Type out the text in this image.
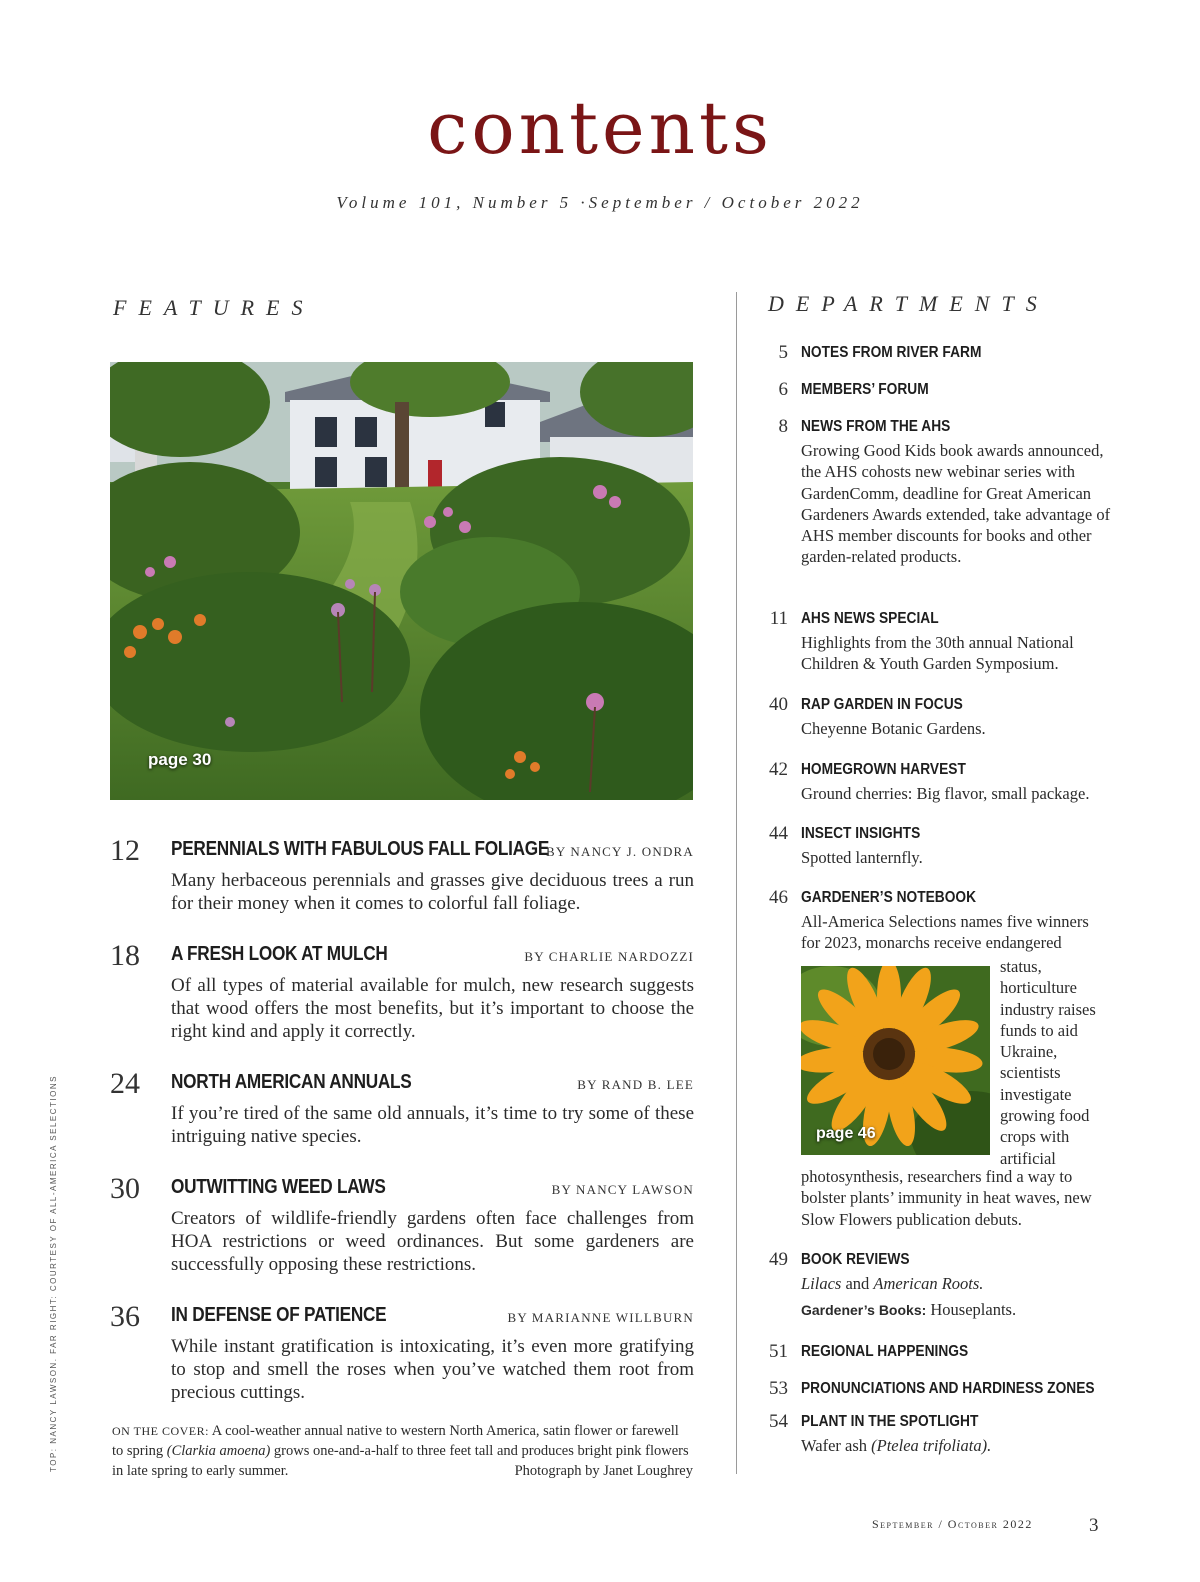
contents
Volume 101, Number 5 ·September / October 2022
FEATURES	DEPARTMENTS
page 30
12 PERENNIALS WITH FABULOUS FALL FOLIAGE
BY NANCY J. ONDRA
Many herbaceous perennials and grasses give deciduous trees a run for their money when it comes to colorful fall foliage.
18 A FRESH LOOK AT MULCH	BY CHARLIE NARDOZZI
Of all types of material available for mulch, new research suggests that wood offers the most benefits, but it’s important to choose the right kind and apply it correctly.
24 NORTH AMERICAN ANNUALS	BY RAND B. LEE
If you’re tired of the same old annuals, it’s time to try some of these intriguing native species.
30 OUTWITTING WEED LAWS	BY NANCY LAWSON
Creators of wildlife-friendly gardens often face challenges from HOA restrictions or weed ordinances. But some gardeners are successfully opposing these restrictions.
36 IN DEFENSE OF PATIENCE	BY MARIANNE WILLBURN
While instant gratification is intoxicating, it’s even more gratifying to stop and smell the roses when you’ve watched them root from precious cuttings.
ON THE COVER: A cool-weather annual native to western North America, satin flower or farewell to spring (Clarkia amoena) grows one-and-a-half to three feet tall and produces bright pink flowers in late spring to early summer.	Photograph by Janet Loughrey
TOP: NANCY LAWSON. FAR RIGHT: COURTESY OF ALL-AMERICA SELECTIONS
5 NOTES FROM RIVER FARM
6 MEMBERS’ FORUM
8 NEWS FROM THE AHS
Growing Good Kids book awards announced, the AHS cohosts new webinar series with GardenComm, deadline for Great American Gardeners Awards extended, take advantage of AHS member discounts for books and other garden-related products.
11 AHS NEWS SPECIAL
Highlights from the 30th annual National Children & Youth Garden Symposium.
40 RAP GARDEN IN FOCUS
Cheyenne Botanic Gardens.
42 HOMEGROWN HARVEST
Ground cherries: Big flavor, small package.
44 INSECT INSIGHTS
Spotted lanternfly.
46 GARDENER’S NOTEBOOK
All-America Selections names five winners for 2023, monarchs receive endangered
page 46
status, horticulture industry raises funds to aid Ukraine, scientists investigate growing food crops with artificial
photosynthesis, researchers find a way to bolster plants’ immunity in heat waves, new Slow Flowers publication debuts.
49 BOOK REVIEWS
Lilacs and American Roots.
Gardener’s Books: Houseplants.
51 REGIONAL HAPPENINGS
53 PRONUNCIATIONS AND HARDINESS ZONES
54 PLANT IN THE SPOTLIGHT
Wafer ash (Ptelea trifoliata).
September / October 2022	3
